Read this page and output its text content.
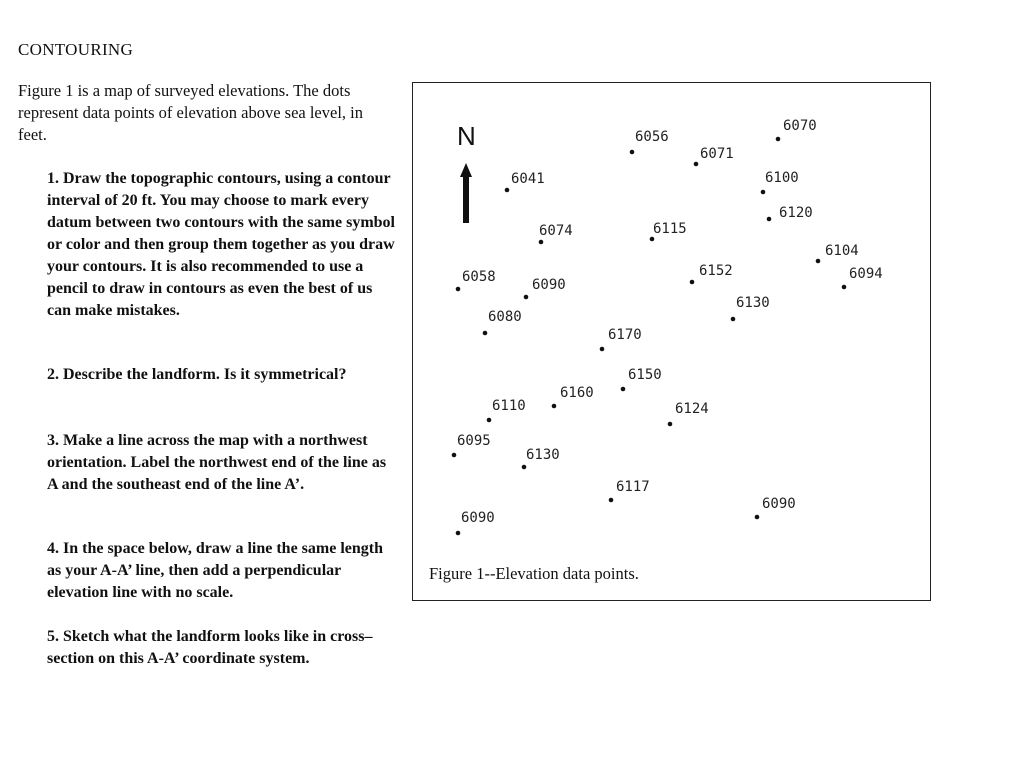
CONTOURING
Figure 1 is a map of surveyed elevations. The dots represent data points of elevation above sea level, in feet.
1. Draw the topographic contours, using a contour interval of 20 ft. You may choose to mark every datum between two contours with the same symbol or color and then group them together as you draw your contours. It is also recommended to use a pencil to draw in contours as even the best of us can make mistakes.
2. Describe the landform. Is it symmetrical?
3. Make a line across the map with a northwest orientation. Label the northwest end of the line as A and the southeast end of the line A’.
4. In the space below, draw a line the same length as your A-A’ line, then add a perpendicular elevation line with no scale.
5. Sketch what the landform looks like in cross–section on this A-A’ coordinate system.
N	6056
6071
6070
6041	6100
6120
6074	6115
6104
6058	6090
6152	6094
6130
6080
6170
6150
6110
6160
6124
6095
6130
6117
6090
6090
Figure 1--Elevation data points.
